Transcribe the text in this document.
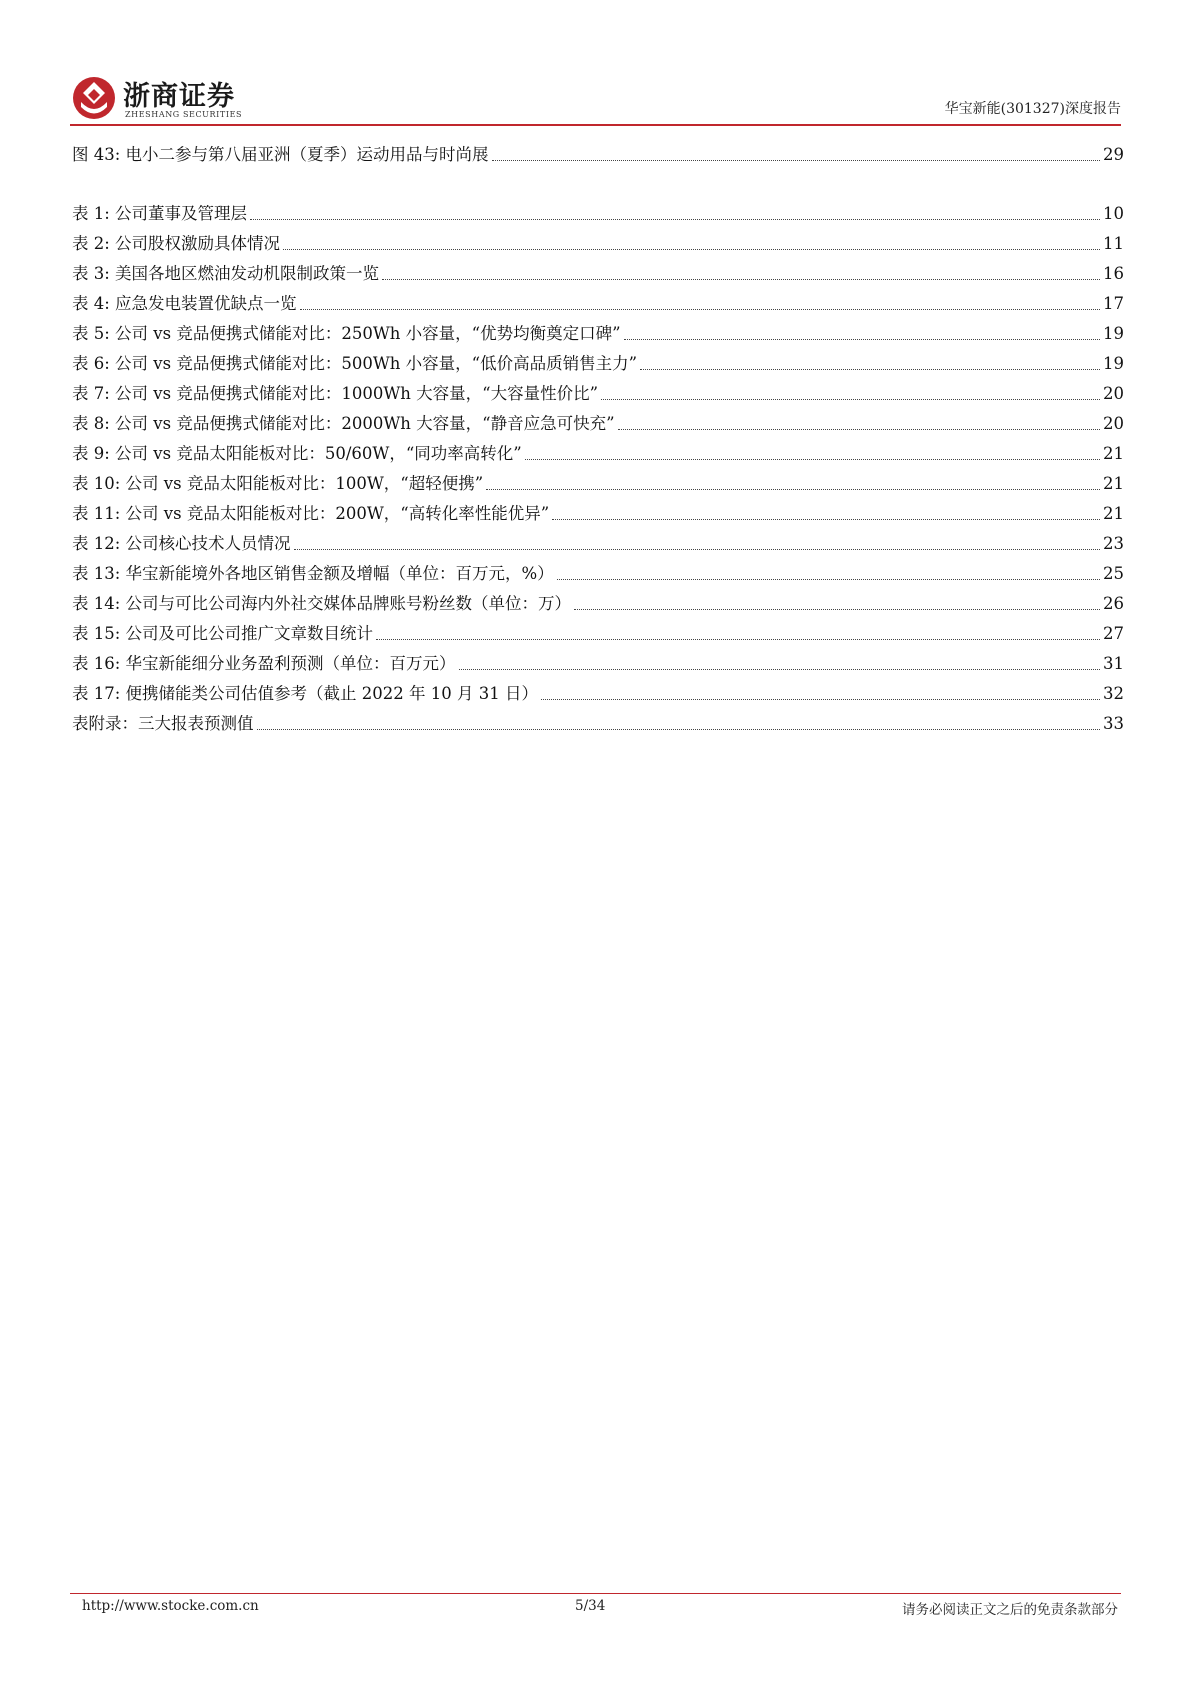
浙商证券
ZHESHANG SECURITIES	华宝新能(301327)深度报告
图 43: 电小二参与第八届亚洲（夏季）运动用品与时尚展	29
表 1: 公司董事及管理层	10
表 2: 公司股权激励具体情况	11
表 3: 美国各地区燃油发动机限制政策一览	16
表 4: 应急发电装置优缺点一览	17
表 5: 公司 vs 竞品便携式储能对比：250Wh 小容量，“优势均衡奠定口碑”	19
表 6: 公司 vs 竞品便携式储能对比：500Wh 小容量，“低价高品质销售主力”	19
表 7: 公司 vs 竞品便携式储能对比：1000Wh 大容量，“大容量性价比”	20
表 8: 公司 vs 竞品便携式储能对比：2000Wh 大容量，“静音应急可快充”	20
表 9: 公司 vs 竞品太阳能板对比：50/60W，“同功率高转化”	21
表 10: 公司 vs 竞品太阳能板对比：100W，“超轻便携”	21
表 11: 公司 vs 竞品太阳能板对比：200W，“高转化率性能优异”	21
表 12: 公司核心技术人员情况	23
表 13: 华宝新能境外各地区销售金额及增幅（单位：百万元，%）	25
表 14: 公司与可比公司海内外社交媒体品牌账号粉丝数（单位：万）	26
表 15: 公司及可比公司推广文章数目统计	27
表 16: 华宝新能细分业务盈利预测（单位：百万元）	31
表 17: 便携储能类公司估值参考（截止 2022 年 10 月 31 日）	32
表附录：三大报表预测值	33
http://www.stocke.com.cn	5/34	请务必阅读正文之后的免责条款部分
